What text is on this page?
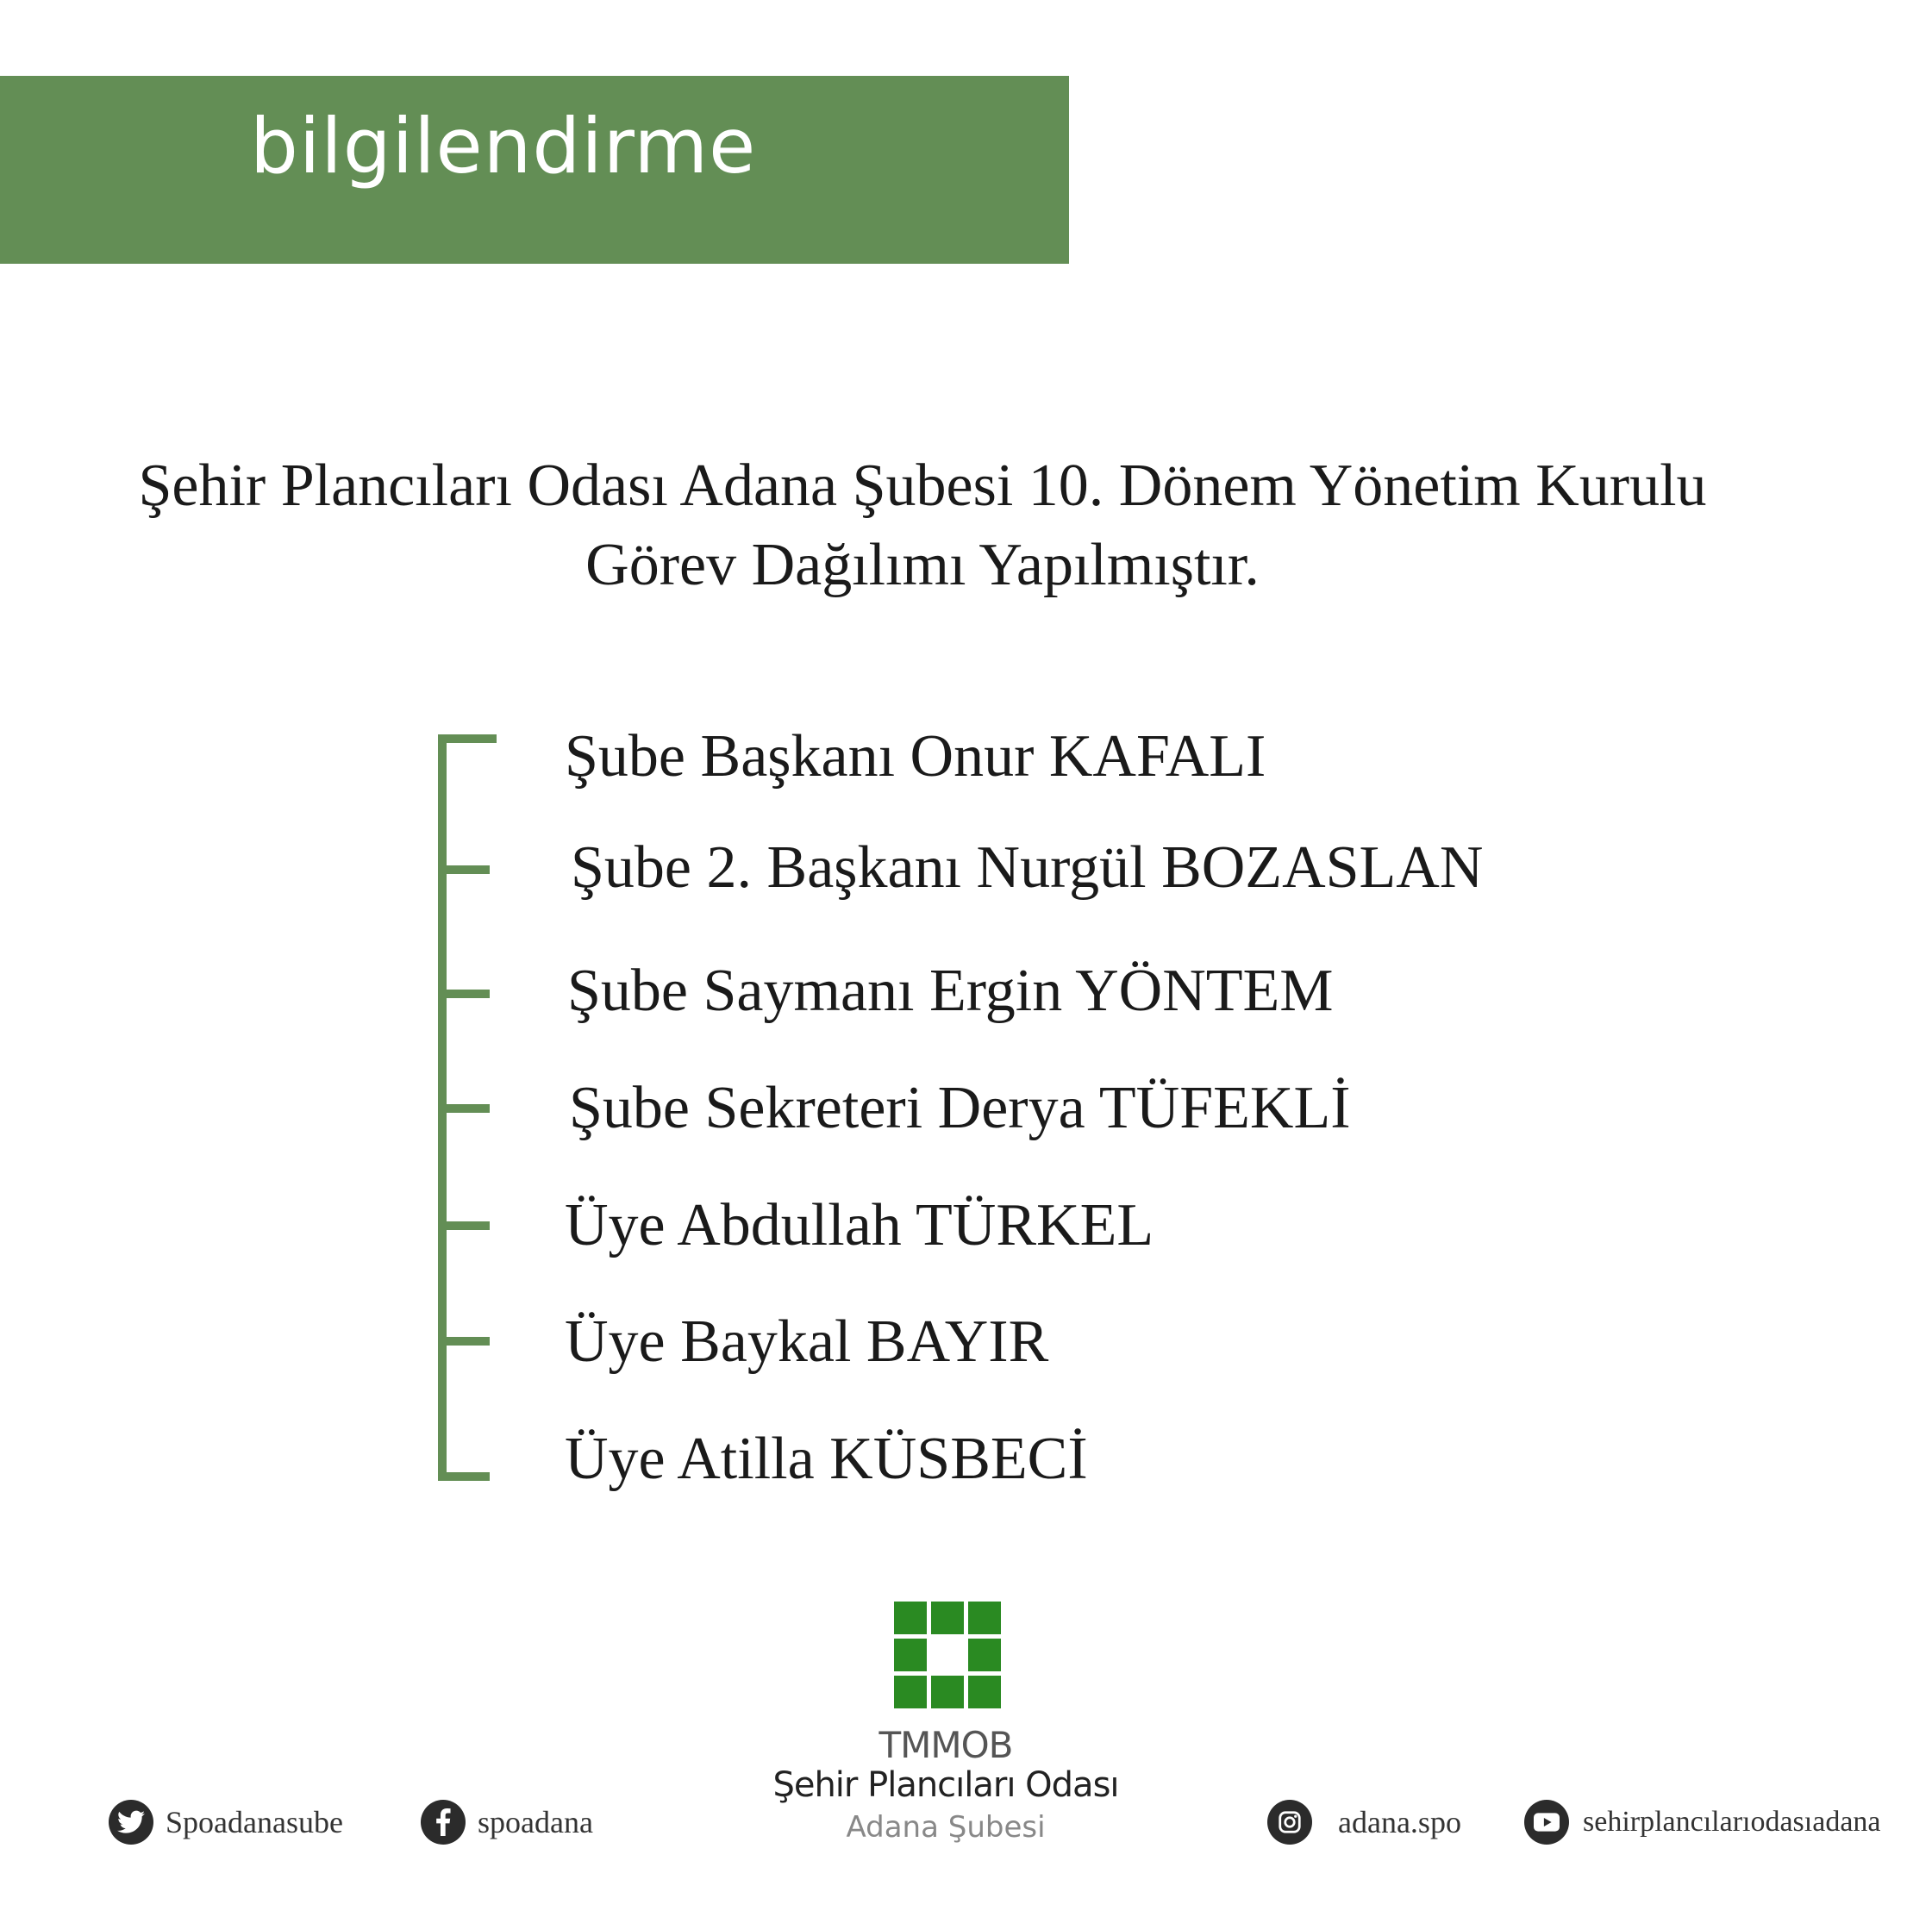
bilgilendirme
Şehir Plancıları Odası Adana Şubesi 10. Dönem Yönetim Kurulu
Görev Dağılımı Yapılmıştır.
Şube Başkanı Onur KAFALI
Şube 2. Başkanı Nurgül BOZASLAN
Şube Saymanı Ergin YÖNTEM
Şube Sekreteri Derya TÜFEKLİ
Üye Abdullah TÜRKEL
Üye Baykal BAYIR
Üye Atilla KÜSBECİ
TMMOB
Şehir Plancıları Odası
Adana Şubesi
Spoadanasube	spoadana	adana.spo	sehirplancılarıodasıadana
